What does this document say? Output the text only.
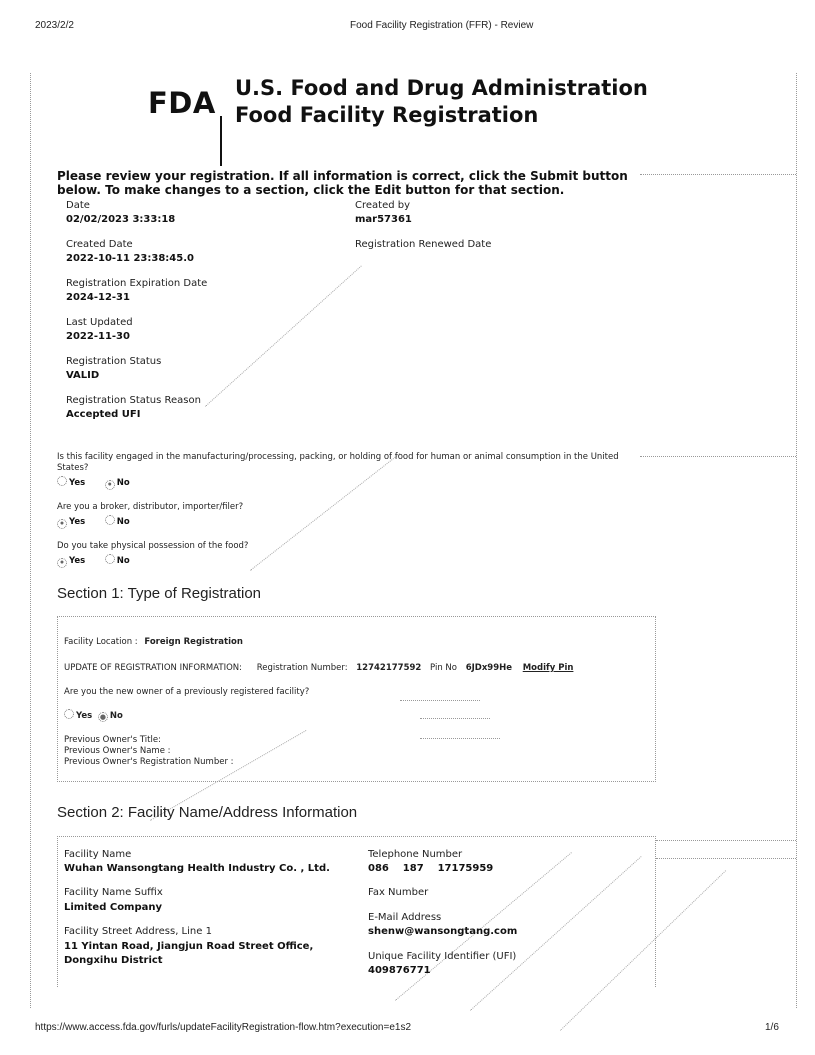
2023/2/2	Food Facility Registration (FFR) - Review
https://www.access.fda.gov/furls/updateFacilityRegistration-flow.htm?execution=e1s2	1/6
FDA U.S. Food and Drug Administration
Food Facility Registration
Please review your registration. If all information is correct, click the Submit button below. To make changes to a section, click the Edit button for that section.
Date
02/02/2023 3:33:18
Created by
mar57361
Created Date
2022-10-11 23:38:45.0
Registration Renewed Date
Registration Expiration Date
2024-12-31
Last Updated
2022-11-30
Registration Status
VALID
Registration Status Reason
Accepted UFI
Is this facility engaged in the manufacturing/processing, packing, or holding of food for human or animal consumption in the United States?
Yes	● No
Are you a broker, distributor, importer/filer?
● Yes	No
Do you take physical possession of the food?
● Yes	No
Section 1: Type of Registration
Facility Location : Foreign Registration
UPDATE OF REGISTRATION INFORMATION: Registration Number: 12742177592 Pin No 6JDx99He Modify Pin
Are you the new owner of a previously registered facility?
Yes ● No
Previous Owner's Title:
Previous Owner's Name :
Previous Owner's Registration Number :
Section 2: Facility Name/Address Information
Facility Name
Wuhan Wansongtang Health Industry Co. , Ltd.
Facility Name Suffix
Limited Company
Facility Street Address, Line 1
11 Yintan Road, Jiangjun Road Street Office,
Dongxihu District
Telephone Number
086    187    17175959
Fax Number
E-Mail Address
shenw@wansongtang.com
Unique Facility Identifier (UFI)
409876771
